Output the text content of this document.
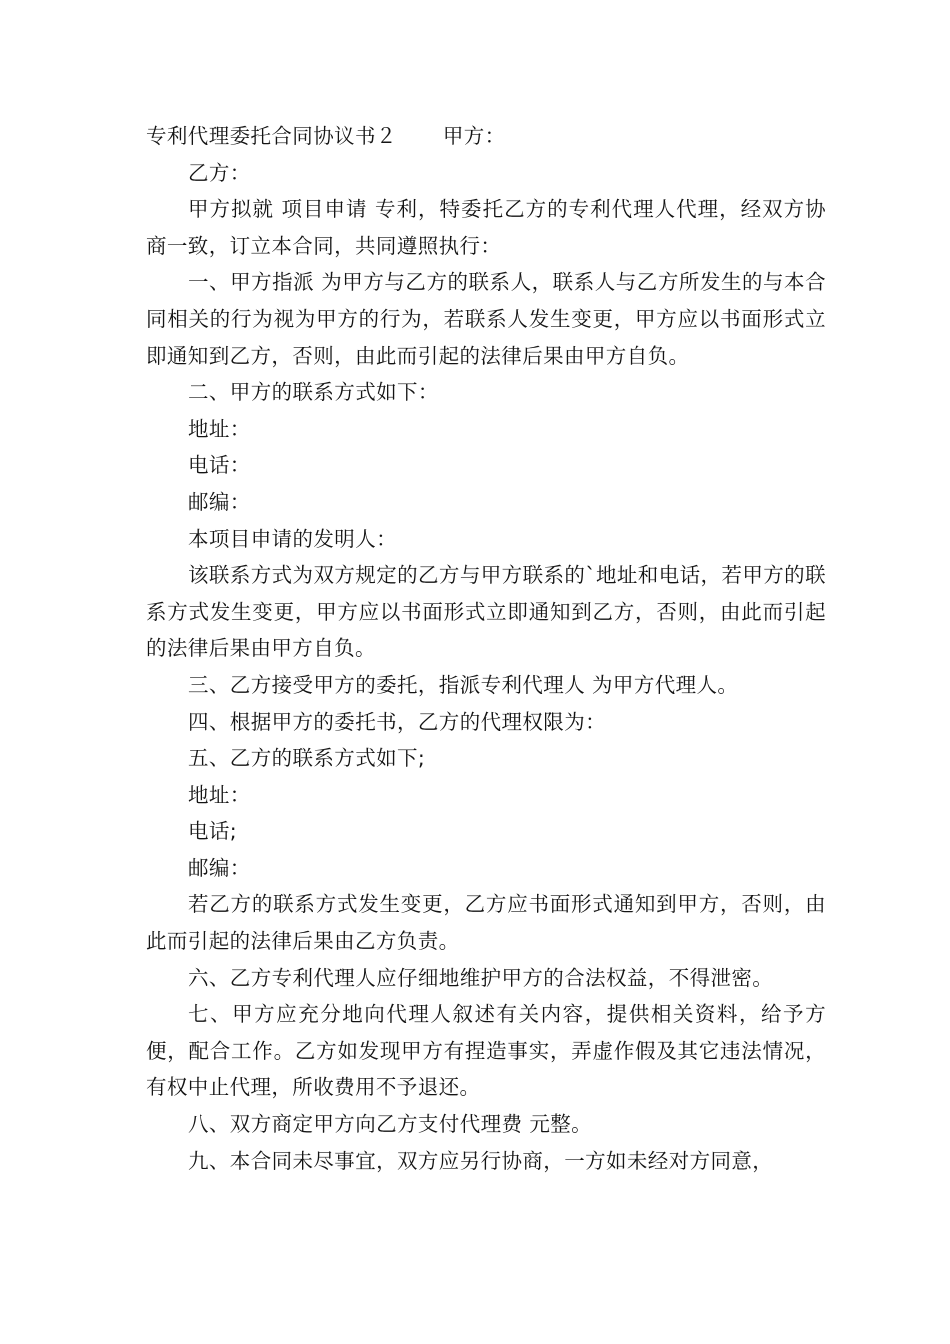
专利代理委托合同协议书２ 甲方：

乙方：

甲方拟就 项目申请 专利，特委托乙方的专利代理人代理，经双方协商一致，订立本合同，共同遵照执行：

一、甲方指派 为甲方与乙方的联系人，联系人与乙方所发生的与本合同相关的行为视为甲方的行为，若联系人发生变更，甲方应以书面形式立即通知到乙方，否则，由此而引起的法律后果由甲方自负。

二、甲方的联系方式如下：

地址：

电话：

邮编：

本项目申请的发明人：

该联系方式为双方规定的乙方与甲方联系的`地址和电话，若甲方的联系方式发生变更，甲方应以书面形式立即通知到乙方，否则，由此而引起的法律后果由甲方自负。

三、乙方接受甲方的委托，指派专利代理人 为甲方代理人。

四、根据甲方的委托书，乙方的代理权限为：

五、乙方的联系方式如下;

地址：

电话;

邮编：

若乙方的联系方式发生变更，乙方应书面形式通知到甲方，否则，由此而引起的法律后果由乙方负责。

六、乙方专利代理人应仔细地维护甲方的合法权益，不得泄密。

七、甲方应充分地向代理人叙述有关内容，提供相关资料，给予方便，配合工作。乙方如发现甲方有捏造事实，弄虚作假及其它违法情况，有权中止代理，所收费用不予退还。

八、双方商定甲方向乙方支付代理费 元整。

九、本合同未尽事宜，双方应另行协商，一方如未经对方同意，
